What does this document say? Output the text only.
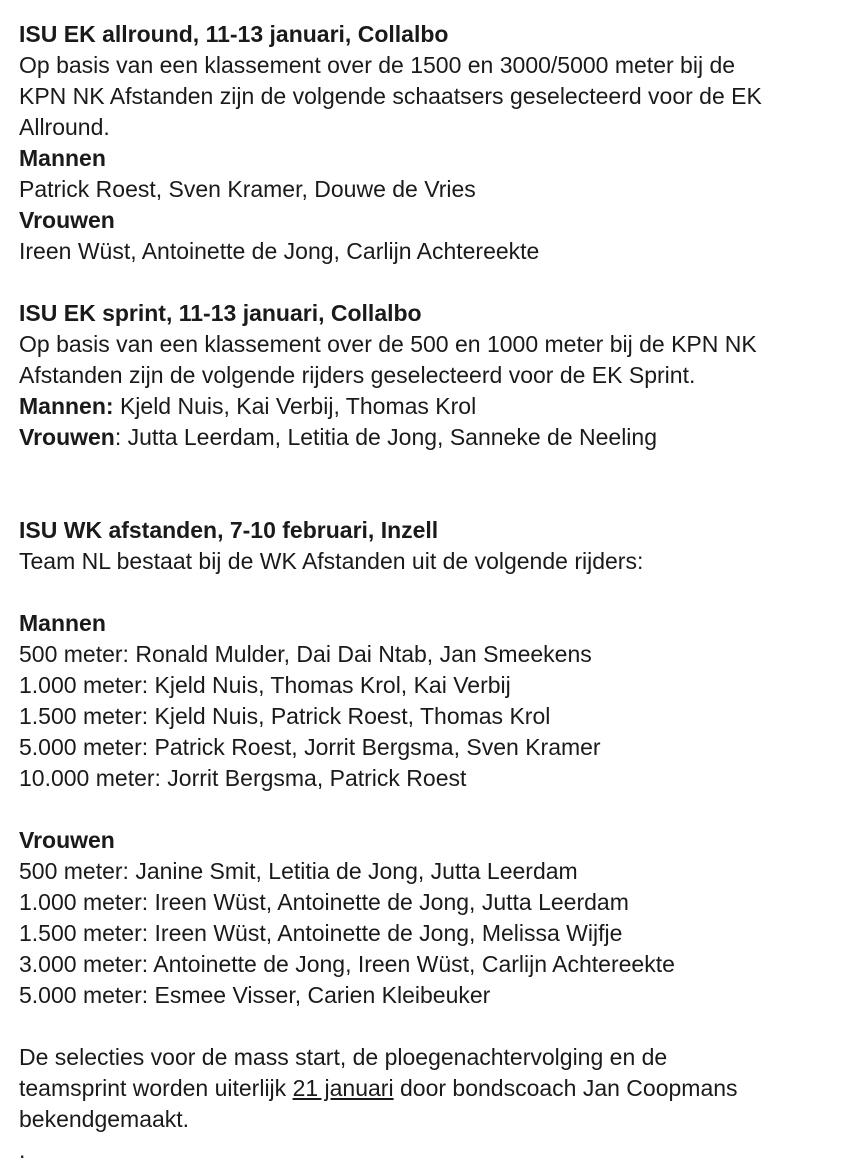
ISU EK allround, 11-13 januari, Collalbo
Op basis van een klassement over de 1500 en 3000/5000 meter bij de
KPN NK Afstanden zijn de volgende schaatsers geselecteerd voor de EK
Allround.
Mannen
Patrick Roest, Sven Kramer, Douwe de Vries
Vrouwen
Ireen Wüst, Antoinette de Jong, Carlijn Achtereekte
ISU EK sprint, 11-13 januari, Collalbo
Op basis van een klassement over de 500 en 1000 meter bij de KPN NK
Afstanden zijn de volgende rijders geselecteerd voor de EK Sprint.
Mannen: Kjeld Nuis, Kai Verbij, Thomas Krol
Vrouwen: Jutta Leerdam, Letitia de Jong, Sanneke de Neeling
ISU WK afstanden, 7-10 februari, Inzell
Team NL bestaat bij de WK Afstanden uit de volgende rijders:
Mannen
500 meter: Ronald Mulder, Dai Dai Ntab, Jan Smeekens
1.000 meter: Kjeld Nuis, Thomas Krol, Kai Verbij
1.500 meter: Kjeld Nuis, Patrick Roest, Thomas Krol
5.000 meter: Patrick Roest, Jorrit Bergsma, Sven Kramer
10.000 meter: Jorrit Bergsma, Patrick Roest
Vrouwen
500 meter: Janine Smit, Letitia de Jong, Jutta Leerdam
1.000 meter: Ireen Wüst, Antoinette de Jong, Jutta Leerdam
1.500 meter: Ireen Wüst, Antoinette de Jong, Melissa Wijfje
3.000 meter: Antoinette de Jong, Ireen Wüst, Carlijn Achtereekte
5.000 meter: Esmee Visser, Carien Kleibeuker
De selecties voor de mass start, de ploegenachtervolging en de
teamsprint worden uiterlijk 21 januari door bondscoach Jan Coopmans
bekendgemaakt.
.
